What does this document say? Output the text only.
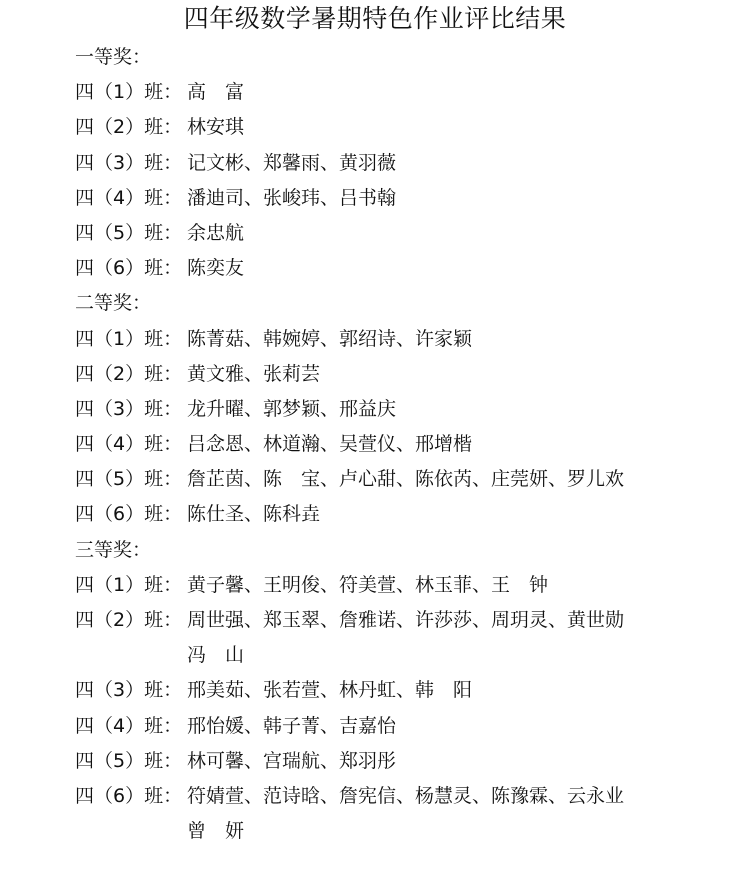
四年级数学暑期特色作业评比结果
一等奖：
四（1）班： 高　富
四（2）班： 林安琪
四（3）班： 记文彬、郑馨雨、黄羽薇
四（4）班： 潘迪司、张峻玮、吕书翰
四（5）班： 余忠航
四（6）班： 陈奕友
二等奖：
四（1）班： 陈菁菇、韩婉婷、郭绍诗、许家颖
四（2）班： 黄文雅、张莉芸
四（3）班： 龙升曜、郭梦颖、邢益庆
四（4）班： 吕念恩、林道瀚、吴萱仪、邢增楷
四（5）班： 詹芷茵、陈　宝、卢心甜、陈依芮、庄莞妍、罗儿欢
四（6）班： 陈仕圣、陈科垚
三等奖：
四（1）班： 黄子馨、王明俊、符美萱、林玉菲、王　钟
四（2）班： 周世强、郑玉翠、詹雅诺、许莎莎、周玥灵、黄世勋
冯　山
四（3）班： 邢美茹、张若萱、林丹虹、韩　阳
四（4）班： 邢怡媛、韩子菁、吉嘉怡
四（5）班： 林可馨、宫瑞航、郑羽彤
四（6）班： 符婧萱、范诗晗、詹宪信、杨慧灵、陈豫霖、云永业
曾　妍
